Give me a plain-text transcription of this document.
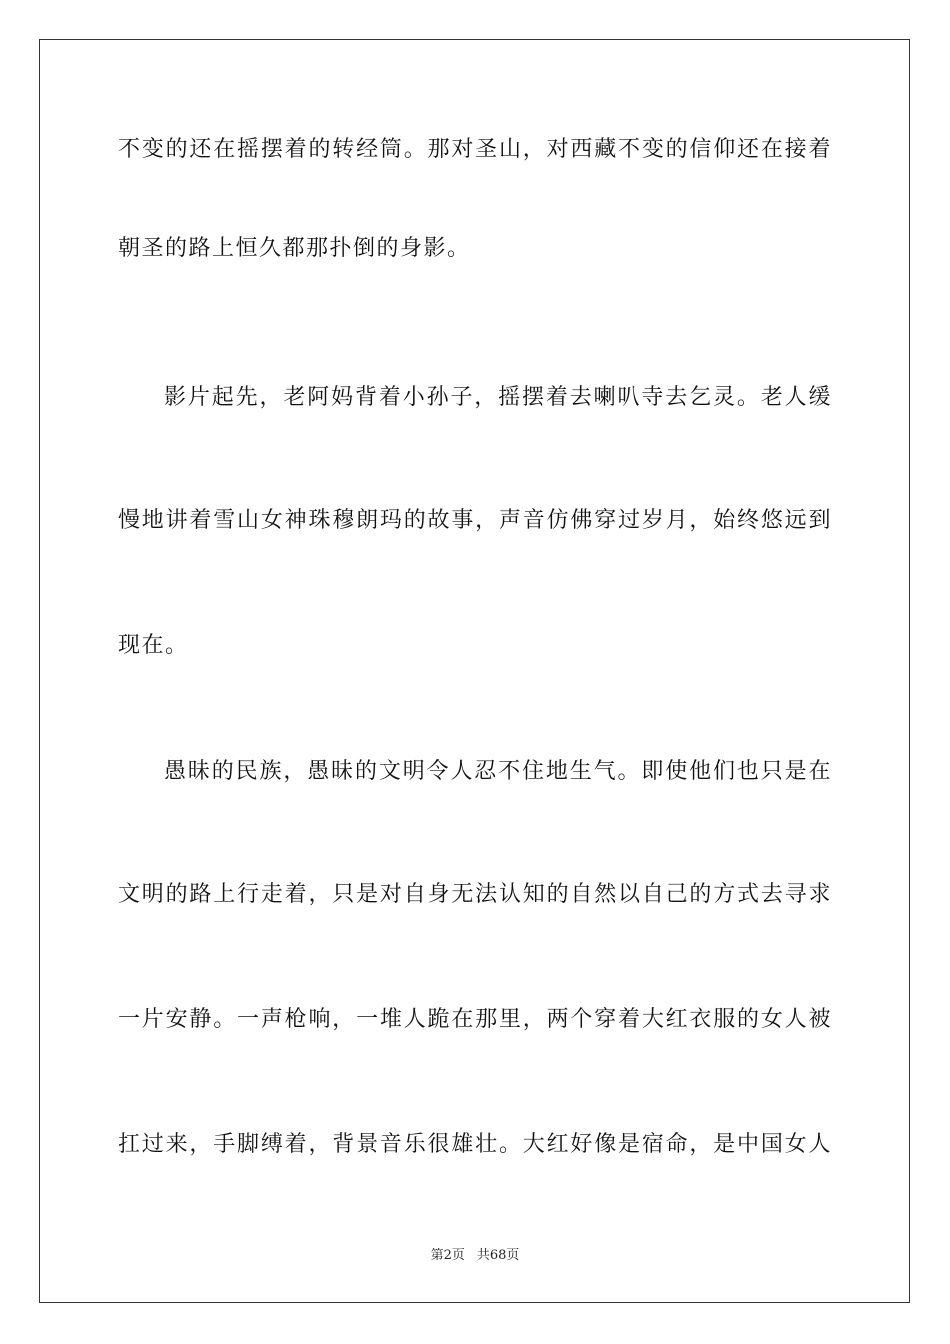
不变的还在摇摆着的转经筒。那对圣山，对西藏不变的信仰还在接着
朝圣的路上恒久都那扑倒的身影。
影片起先，老阿妈背着小孙子，摇摆着去喇叭寺去乞灵。老人缓
慢地讲着雪山女神珠穆朗玛的故事，声音仿佛穿过岁月，始终悠远到
现在。
愚昧的民族，愚昧的文明令人忍不住地生气。即使他们也只是在
文明的路上行走着，只是对自身无法认知的自然以自己的方式去寻求
一片安静。一声枪响，一堆人跪在那里，两个穿着大红衣服的女人被
扛过来，手脚缚着，背景音乐很雄壮。大红好像是宿命，是中国女人
第2页 共68页
